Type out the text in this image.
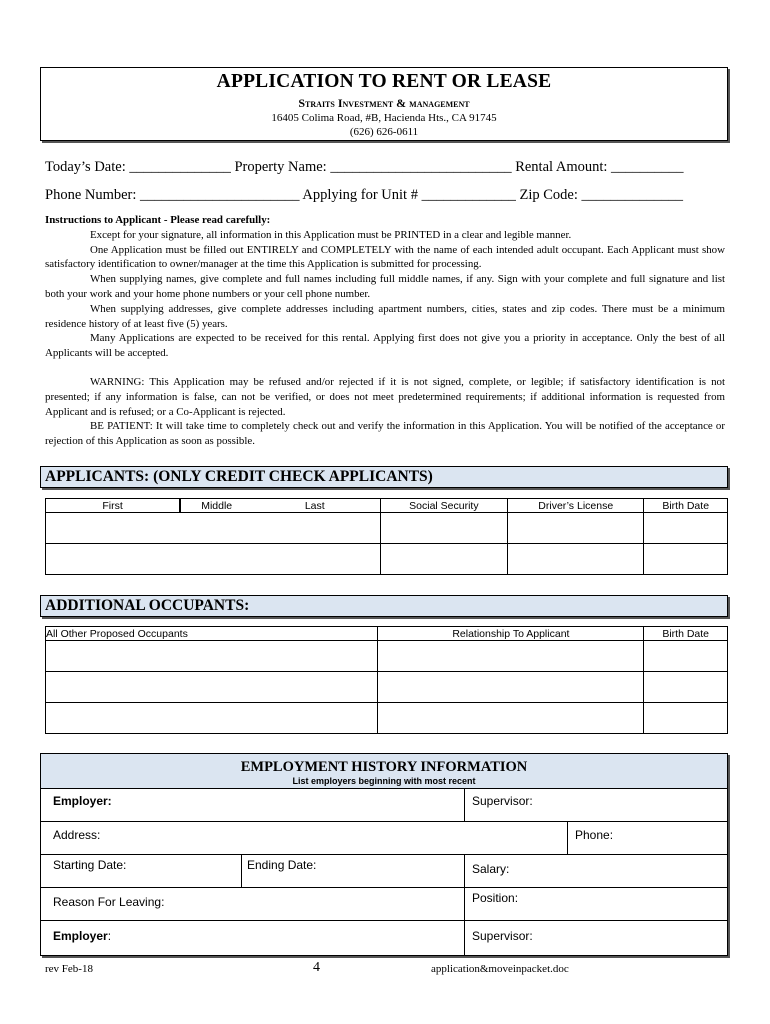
APPLICATION TO RENT OR LEASE
Straits Investment & management
16405 Colima Road, #B, Hacienda Hts., CA 91745
(626) 626-0611
Today’s Date: ______________ Property Name: _________________________ Rental Amount: __________
Phone Number: ______________________ Applying for Unit # _____________ Zip Code: ______________

Instructions to Applicant - Please read carefully:

Except for your signature, all information in this Application must be PRINTED in a clear and legible manner.

One Application must be filled out ENTIRELY and COMPLETELY with the name of each intended adult occupant. Each Applicant must show satisfactory identification to owner/manager at the time this Application is submitted for processing.

When supplying names, give complete and full names including full middle names, if any. Sign with your complete and full signature and list both your work and your home phone numbers or your cell phone number.

When supplying addresses, give complete addresses including apartment numbers, cities, states and zip codes. There must be a minimum residence history of at least five (5) years.

Many Applications are expected to be received for this rental. Applying first does not give you a priority in acceptance. Only the best of all Applicants will be accepted.

WARNING: This Application may be refused and/or rejected if it is not signed, complete, or legible; if satisfactory identification is not presented; if any information is false, can not be verified, or does not meet predetermined requirements; if additional information is requested from Applicant and is refused; or a Co-Applicant is rejected.

BE PATIENT: It will take time to completely check out and verify the information in this Application. You will be notified of the acceptance or rejection of this Application as soon as possible.

APPLICANTS: (ONLY CREDIT CHECK APPLICANTS)
First		Middle Last	Social Security	Driver’s License	Birth Date

ADDITIONAL OCCUPANTS:
All Other Proposed Occupants	Relationship To Applicant	Birth Date

EMPLOYMENT HISTORY INFORMATION
List employers beginning with most recent
Employer:	Supervisor:
Address:	Phone:
Starting Date:	Ending Date:	Salary:
Reason For Leaving:	Position:
Employer:	Supervisor:
rev Feb-18	4	application&moveinpacket.doc
